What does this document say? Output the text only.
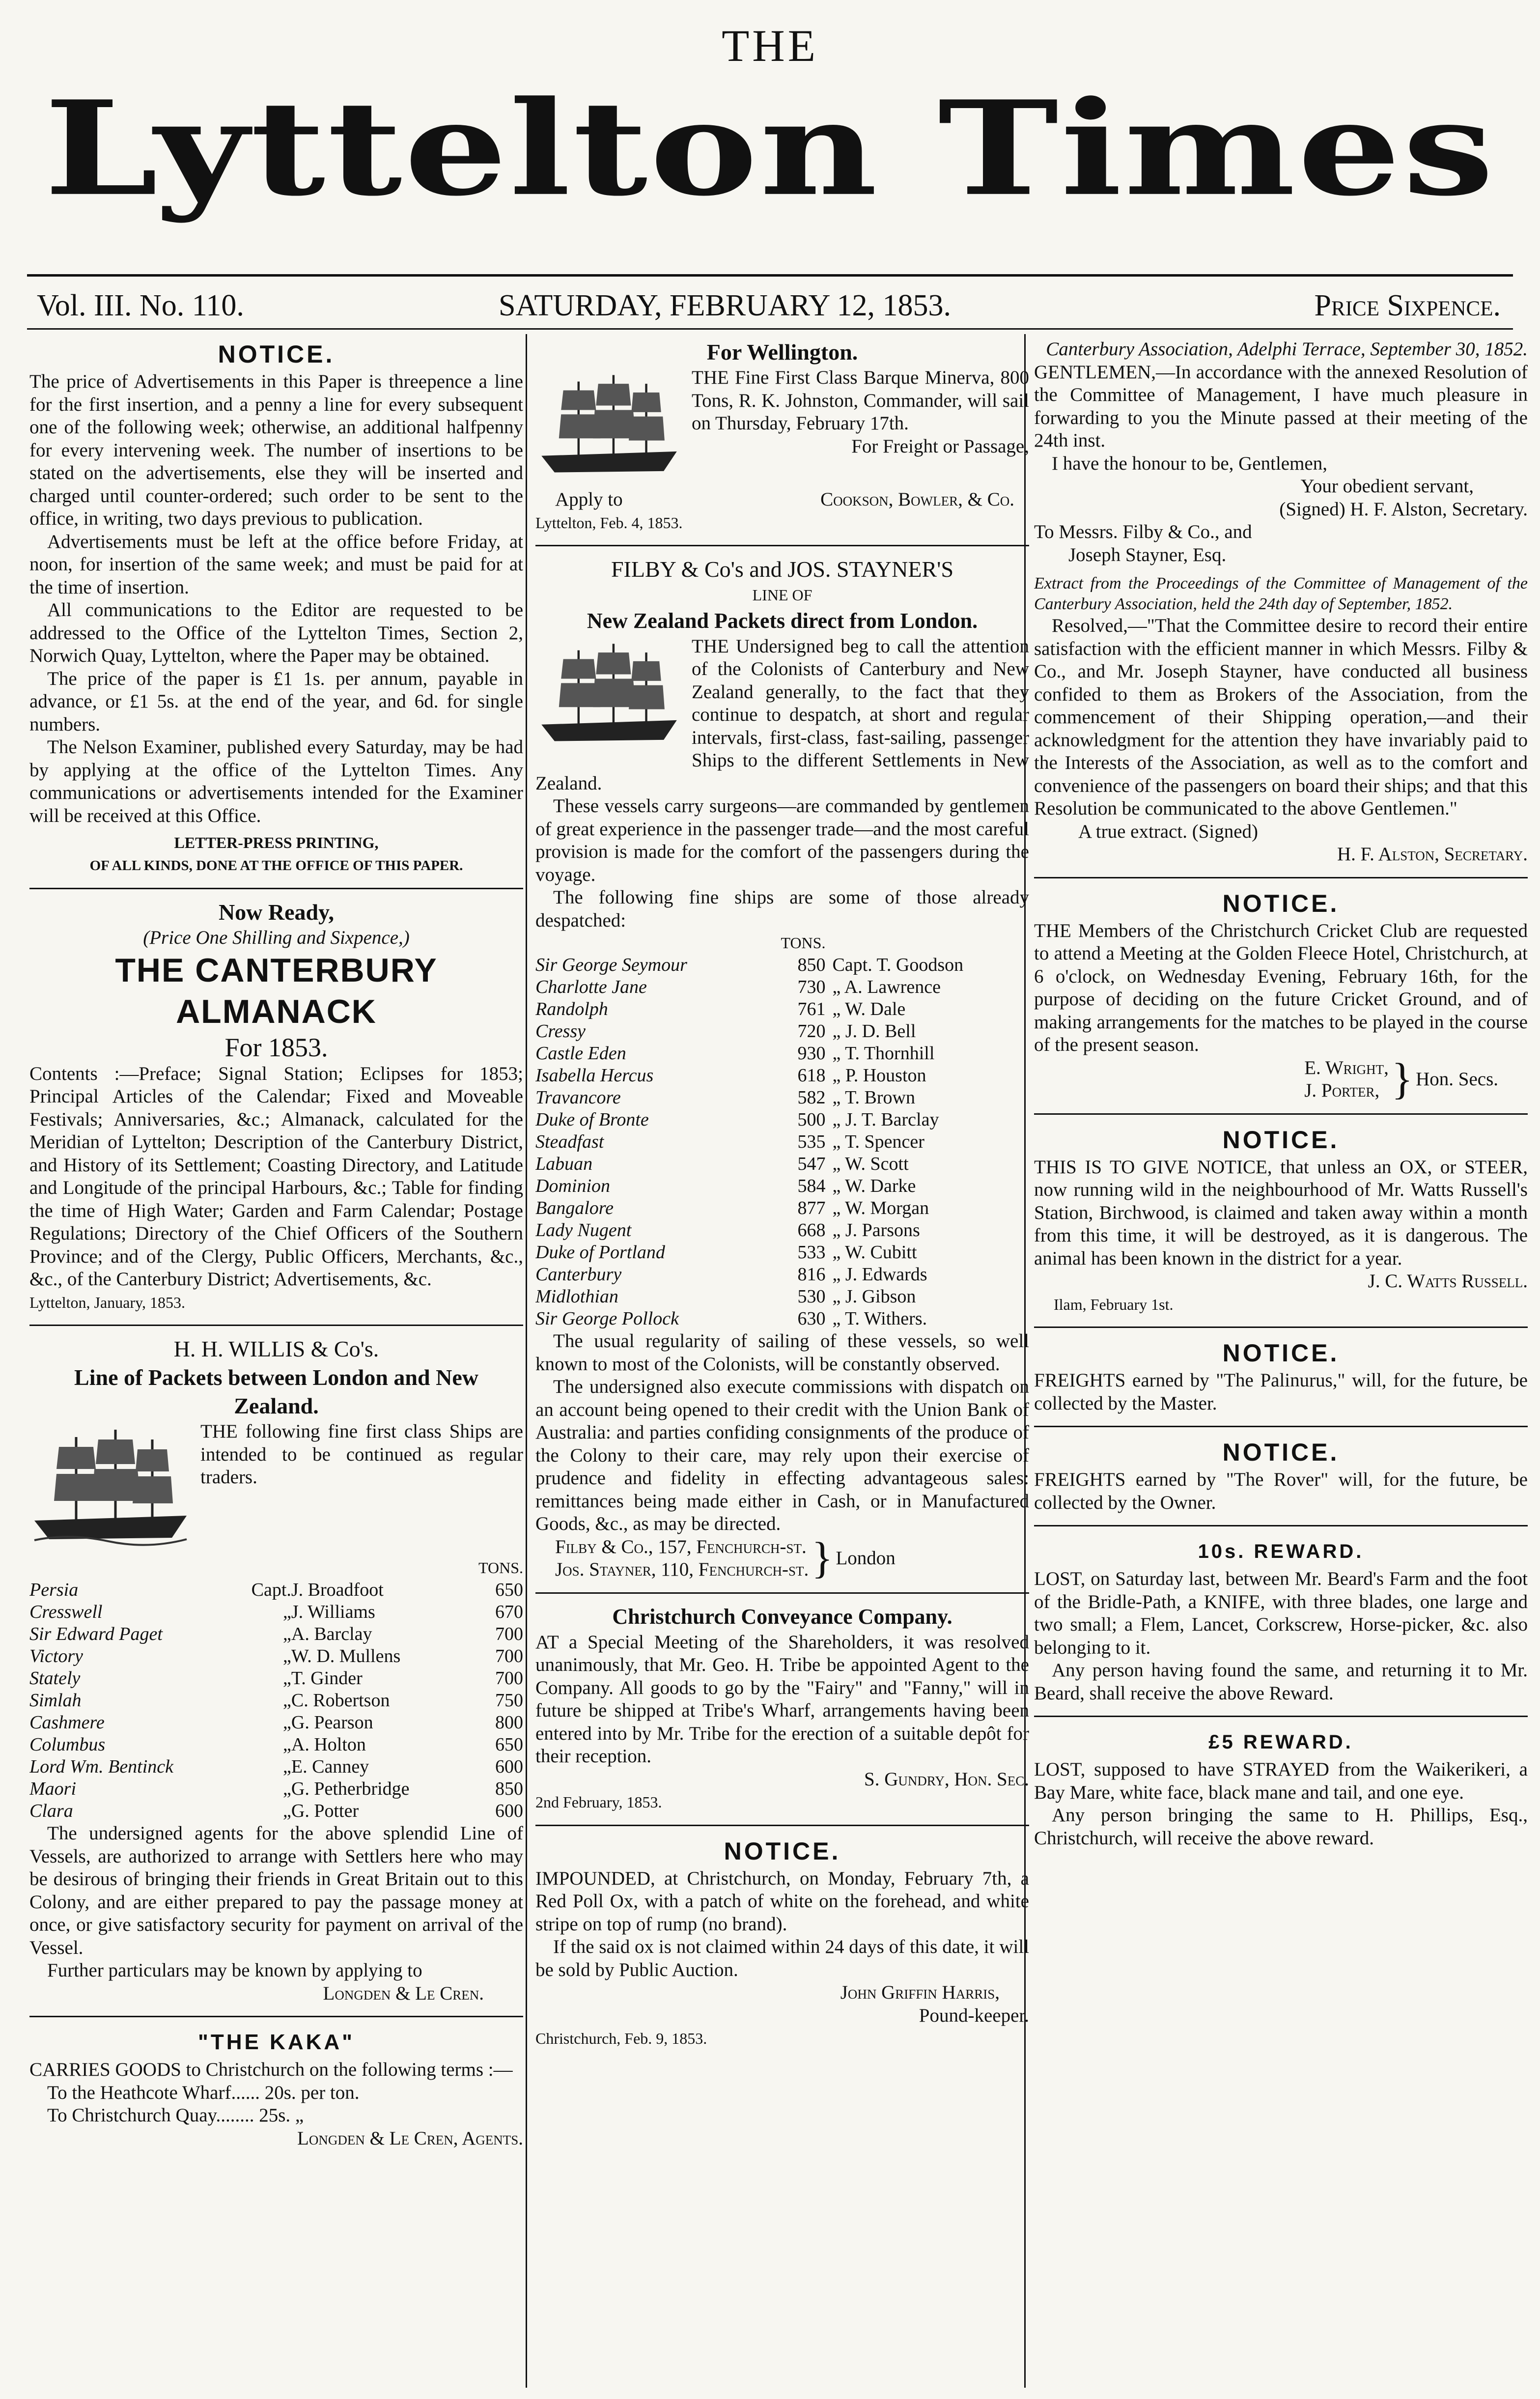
THE
Lyttelton Times
Vol. III. No. 110.	SATURDAY, FEBRUARY 12, 1853.	Price Sixpence.
NOTICE.

The price of Advertisements in this Paper is threepence a line for the first insertion, and a penny a line for every subsequent one of the following week; otherwise, an additional halfpenny for every intervening week. The number of insertions to be stated on the advertisements, else they will be inserted and charged until counter-ordered; such order to be sent to the office, in writing, two days previous to publication.

Advertisements must be left at the office before Friday, at noon, for insertion of the same week; and must be paid for at the time of insertion.

All communications to the Editor are requested to be addressed to the Office of the Lyttelton Times, Section 2, Norwich Quay, Lyttelton, where the Paper may be obtained.

The price of the paper is £1 1s. per annum, payable in advance, or £1 5s. at the end of the year, and 6d. for single numbers.

The Nelson Examiner, published every Saturday, may be had by applying at the office of the Lyttelton Times. Any communications or advertisements intended for the Examiner will be received at this Office.

LETTER-PRESS PRINTING,

OF ALL KINDS, DONE AT THE OFFICE OF THIS PAPER.

Now Ready,

(Price One Shilling and Sixpence,)

THE CANTERBURY ALMANACK

For 1853.

Contents :—Preface; Signal Station; Eclipses for 1853; Principal Articles of the Calendar; Fixed and Moveable Festivals; Anniversaries, &c.; Almanack, calculated for the Meridian of Lyttelton; Description of the Canterbury District, and History of its Settlement; Coasting Directory, and Latitude and Longitude of the principal Harbours, &c.; Table for finding the time of High Water; Garden and Farm Calendar; Postage Regulations; Directory of the Chief Officers of the Southern Province; and of the Clergy, Public Officers, Merchants, &c., &c., of the Canterbury District; Advertisements, &c.

Lyttelton, January, 1853.

H. H. WILLIS & Co's.

Line of Packets between London and New Zealand.

THE following fine first class Ships are intended to be continued as regular traders.

			TONS.
Persia	Capt.	J. Broadfoot	650
Cresswell	„	J. Williams	670
Sir Edward Paget	„	A. Barclay	700
Victory	„	W. D. Mullens	700
Stately	„	T. Ginder	700
Simlah	„	C. Robertson	750
Cashmere	„	G. Pearson	800
Columbus	„	A. Holton	650
Lord Wm. Bentinck	„	E. Canney	600
Maori	„	G. Petherbridge	850
Clara	„	G. Potter	600

The undersigned agents for the above splendid Line of Vessels, are authorized to arrange with Settlers here who may be desirous of bringing their friends in Great Britain out to this Colony, and are either prepared to pay the passage money at once, or give satisfactory security for payment on arrival of the Vessel.

Further particulars may be known by applying to

Longden & Le Cren.

"THE KAKA"

CARRIES GOODS to Christchurch on the following terms :—

To the Heathcote Wharf...... 20s. per ton.

To Christchurch Quay........ 25s. „

Longden & Le Cren, Agents.

For Wellington.

THE Fine First Class Barque Minerva, 800 Tons, R. K. Johnston, Commander, will sail on Thursday, February 17th.

For Freight or Passage,

Apply to	Cookson, Bowler, & Co.

Lyttelton, Feb. 4, 1853.

FILBY & Co's and JOS. STAYNER'S

LINE OF

New Zealand Packets direct from London.

THE Undersigned beg to call the attention of the Colonists of Canterbury and New Zealand generally, to the fact that they continue to despatch, at short and regular intervals, first-class, fast-sailing, passenger Ships to the different Settlements in New Zealand.

These vessels carry surgeons—are commanded by gentlemen of great experience in the passenger trade—and the most careful provision is made for the comfort of the passengers during the voyage.

The following fine ships are some of those already despatched:

	TONS.	
Sir George Seymour	850	Capt. T. Goodson
Charlotte Jane	730	„ A. Lawrence
Randolph	761	„ W. Dale
Cressy	720	„ J. D. Bell
Castle Eden	930	„ T. Thornhill
Isabella Hercus	618	„ P. Houston
Travancore	582	„ T. Brown
Duke of Bronte	500	„ J. T. Barclay
Steadfast	535	„ T. Spencer
Labuan	547	„ W. Scott
Dominion	584	„ W. Darke
Bangalore	877	„ W. Morgan
Lady Nugent	668	„ J. Parsons
Duke of Portland	533	„ W. Cubitt
Canterbury	816	„ J. Edwards
Midlothian	530	„ J. Gibson
Sir George Pollock	630	„ T. Withers.

The usual regularity of sailing of these vessels, so well known to most of the Colonists, will be constantly observed.

The undersigned also execute commissions with dispatch on an account being opened to their credit with the Union Bank of Australia: and parties confiding consignments of the produce of the Colony to their care, may rely upon their exercise of prudence and fidelity in effecting advantageous sales: remittances being made either in Cash, or in Manufactured Goods, &c., as may be directed.

Filby & Co., 157, Fenchurch-st.
Jos. Stayner, 110, Fenchurch-st. } London

Christchurch Conveyance Company.

AT a Special Meeting of the Shareholders, it was resolved unanimously, that Mr. Geo. H. Tribe be appointed Agent to the Company. All goods to go by the "Fairy" and "Fanny," will in future be shipped at Tribe's Wharf, arrangements having been entered into by Mr. Tribe for the erection of a suitable depôt for their reception.

S. Gundry, Hon. Sec.

2nd February, 1853.

NOTICE.

IMPOUNDED, at Christchurch, on Monday, February 7th, a Red Poll Ox, with a patch of white on the forehead, and white stripe on top of rump (no brand).

If the said ox is not claimed within 24 days of this date, it will be sold by Public Auction.

John Griffin Harris,

Pound-keeper.

Christchurch, Feb. 9, 1853.

Canterbury Association, Adelphi Terrace, September 30, 1852.

GENTLEMEN,—In accordance with the annexed Resolution of the Committee of Management, I have much pleasure in forwarding to you the Minute passed at their meeting of the 24th inst.

I have the honour to be, Gentlemen,

Your obedient servant,

(Signed) H. F. Alston, Secretary.

To Messrs. Filby & Co., and

Joseph Stayner, Esq.

Extract from the Proceedings of the Committee of Management of the Canterbury Association, held the 24th day of September, 1852.

Resolved,—"That the Committee desire to record their entire satisfaction with the efficient manner in which Messrs. Filby & Co., and Mr. Joseph Stayner, have conducted all business confided to them as Brokers of the Association, from the commencement of their Shipping operation,—and their acknowledgment for the attention they have invariably paid to the Interests of the Association, as well as to the comfort and convenience of the passengers on board their ships; and that this Resolution be communicated to the above Gentlemen."

A true extract. (Signed)

H. F. Alston, Secretary.

NOTICE.

THE Members of the Christchurch Cricket Club are requested to attend a Meeting at the Golden Fleece Hotel, Christchurch, at 6 o'clock, on Wednesday Evening, February 16th, for the purpose of deciding on the future Cricket Ground, and of making arrangements for the matches to be played in the course of the present season.

E. Wright,
J. Porter, } Hon. Secs.
NOTICE.

THIS IS TO GIVE NOTICE, that unless an OX, or STEER, now running wild in the neighbourhood of Mr. Watts Russell's Station, Birchwood, is claimed and taken away within a month from this time, it will be destroyed, as it is dangerous. The animal has been known in the district for a year.

J. C. Watts Russell.

Ilam, February 1st.

NOTICE.

FREIGHTS earned by "The Palinurus," will, for the future, be collected by the Master.

NOTICE.

FREIGHTS earned by "The Rover" will, for the future, be collected by the Owner.

10s. REWARD.

LOST, on Saturday last, between Mr. Beard's Farm and the foot of the Bridle-Path, a KNIFE, with three blades, one large and two small; a Flem, Lancet, Corkscrew, Horse-picker, &c. also belonging to it.

Any person having found the same, and returning it to Mr. Beard, shall receive the above Reward.

£5 REWARD.

LOST, supposed to have STRAYED from the Waikerikeri, a Bay Mare, white face, black mane and tail, and one eye.

Any person bringing the same to H. Phillips, Esq., Christchurch, will receive the above reward.
